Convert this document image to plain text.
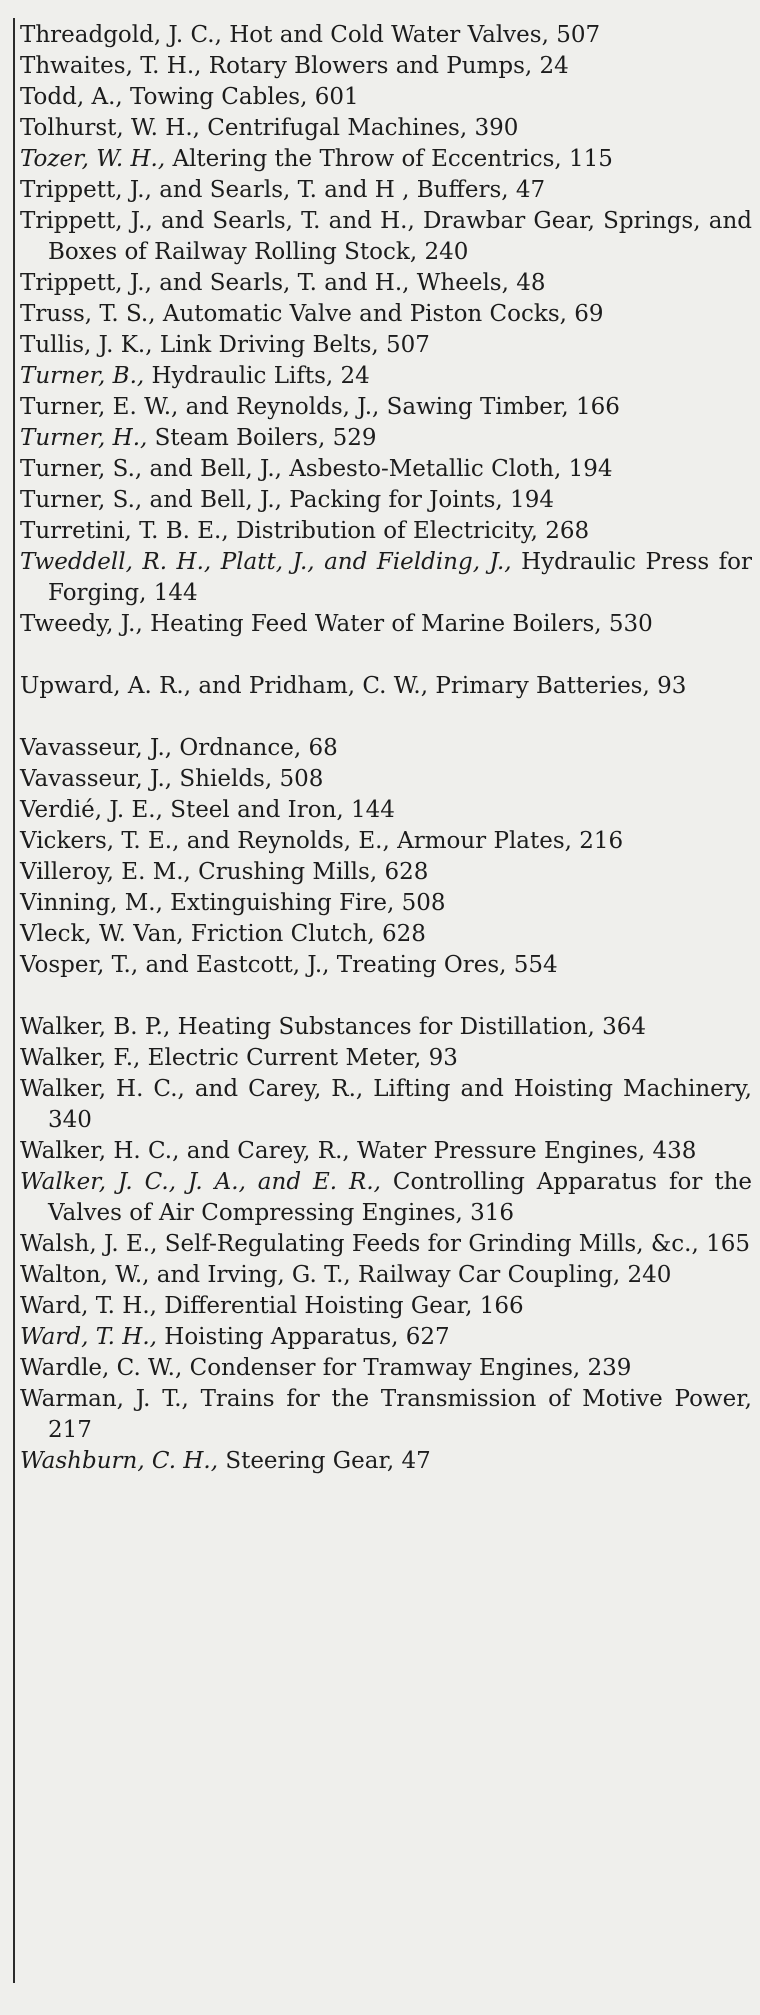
Threadgold, J. C., Hot and Cold Water Valves, 507

Thwaites, T. H., Rotary Blowers and Pumps, 24

Todd, A., Towing Cables, 601

Tolhurst, W. H., Centrifugal Machines, 390

Tozer, W. H., Altering the Throw of Eccentrics, 115

Trippett, J., and Searls, T. and H , Buffers, 47

Trippett, J., and Searls, T. and H., Drawbar Gear, Springs, and Boxes of Railway Rolling Stock, 240

Trippett, J., and Searls, T. and H., Wheels, 48

Truss, T. S., Automatic Valve and Piston Cocks, 69

Tullis, J. K., Link Driving Belts, 507

Turner, B., Hydraulic Lifts, 24

Turner, E. W., and Reynolds, J., Sawing Timber, 166

Turner, H., Steam Boilers, 529

Turner, S., and Bell, J., Asbesto-Metallic Cloth, 194

Turner, S., and Bell, J., Packing for Joints, 194

Turretini, T. B. E., Distribution of Electricity, 268

Tweddell, R. H., Platt, J., and Fielding, J., Hydraulic Press for Forging, 144

Tweedy, J., Heating Feed Water of Marine Boilers, 530

Upward, A. R., and Pridham, C. W., Primary Batteries, 93

Vavasseur, J., Ordnance, 68

Vavasseur, J., Shields, 508

Verdié, J. E., Steel and Iron, 144

Vickers, T. E., and Reynolds, E., Armour Plates, 216

Villeroy, E. M., Crushing Mills, 628

Vinning, M., Extinguishing Fire, 508

Vleck, W. Van, Friction Clutch, 628

Vosper, T., and Eastcott, J., Treating Ores, 554

Walker, B. P., Heating Substances for Distillation, 364

Walker, F., Electric Current Meter, 93

Walker, H. C., and Carey, R., Lifting and Hoisting Machinery, 340

Walker, H. C., and Carey, R., Water Pressure Engines, 438

Walker, J. C., J. A., and E. R., Controlling Apparatus for the Valves of Air Compressing Engines, 316

Walsh, J. E., Self-Regulating Feeds for Grinding Mills, &c., 165

Walton, W., and Irving, G. T., Railway Car Coupling, 240

Ward, T. H., Differential Hoisting Gear, 166

Ward, T. H., Hoisting Apparatus, 627

Wardle, C. W., Condenser for Tramway Engines, 239

Warman, J. T., Trains for the Transmission of Motive Power, 217

Washburn, C. H., Steering Gear, 47
